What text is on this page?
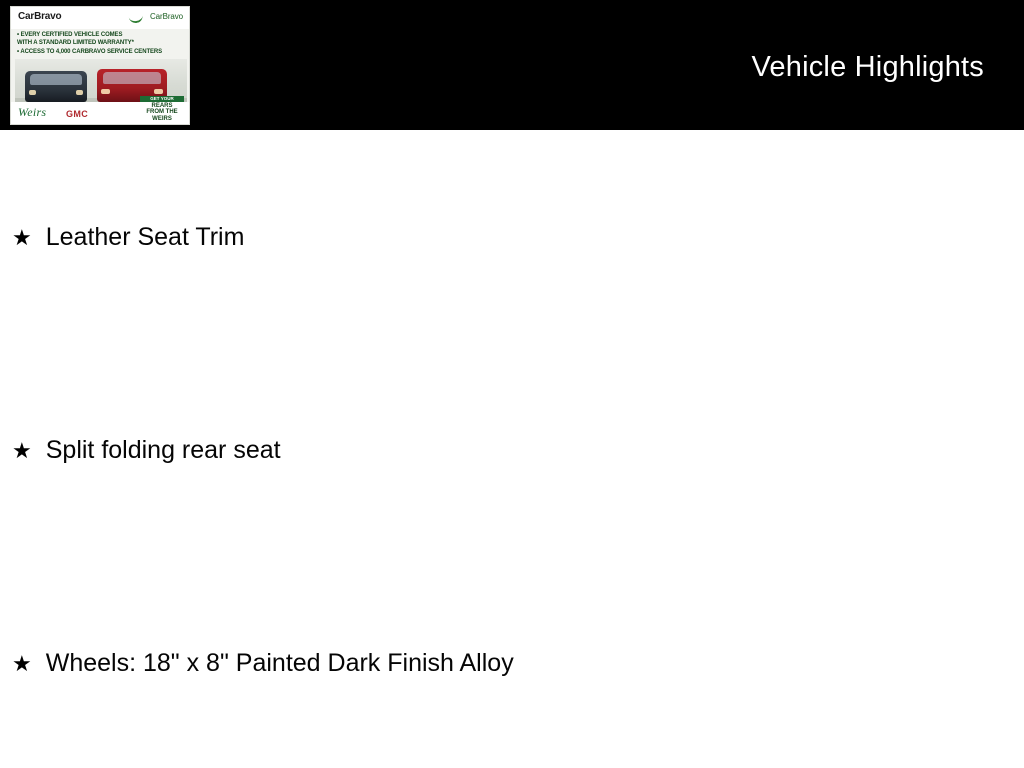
Vehicle Highlights
CarBravo	CarBravo
• EVERY CERTIFIED VEHICLE COMES
WITH A STANDARD LIMITED WARRANTY*
• ACCESS TO 4,000 CARBRAVO SERVICE CENTERS
Weirs GMC
GET YOUR
REARS
FROM THE
WEIRS
★ Leather Seat Trim
★ Split folding rear seat
★ Wheels: 18" x 8" Painted Dark Finish Alloy
